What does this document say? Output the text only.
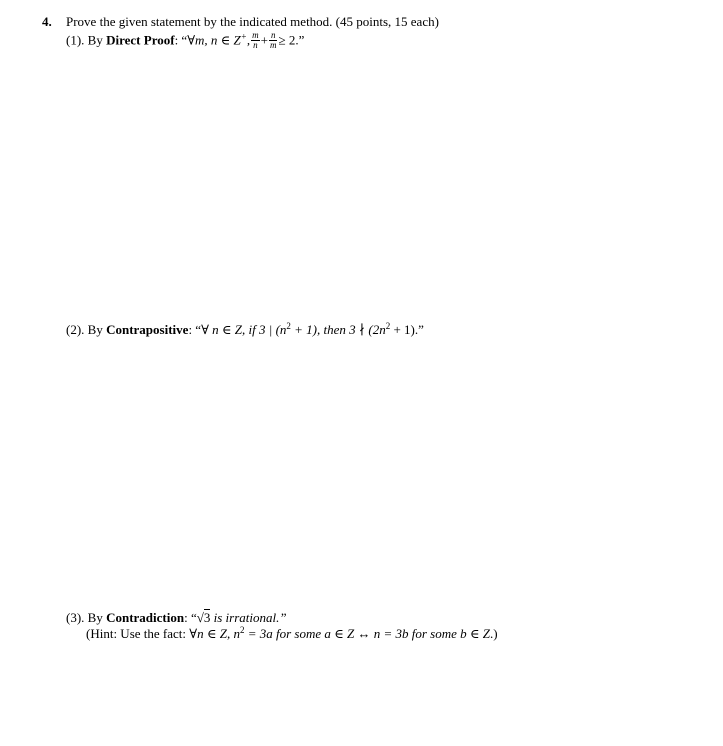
4. Prove the given statement by the indicated method. (45 points, 15 each)
(1). By Direct Proof: “∀m, n ∈ Z+, $\frac{m}{n} + \frac{n}{m} \ge 2$.”
(2). By Contrapositive: “∀ n ∈ Z, if 3 | $(n^2 + 1)$, then 3 ∤ $(2n^2 + 1)$.”
(3). By Contradiction: “√3 is irrational.”
(Hint: Use the fact: ∀n ∈ Z, $n^2 = 3a$ for some a ∈ Z ↔ n = 3b for some b ∈ Z.)
